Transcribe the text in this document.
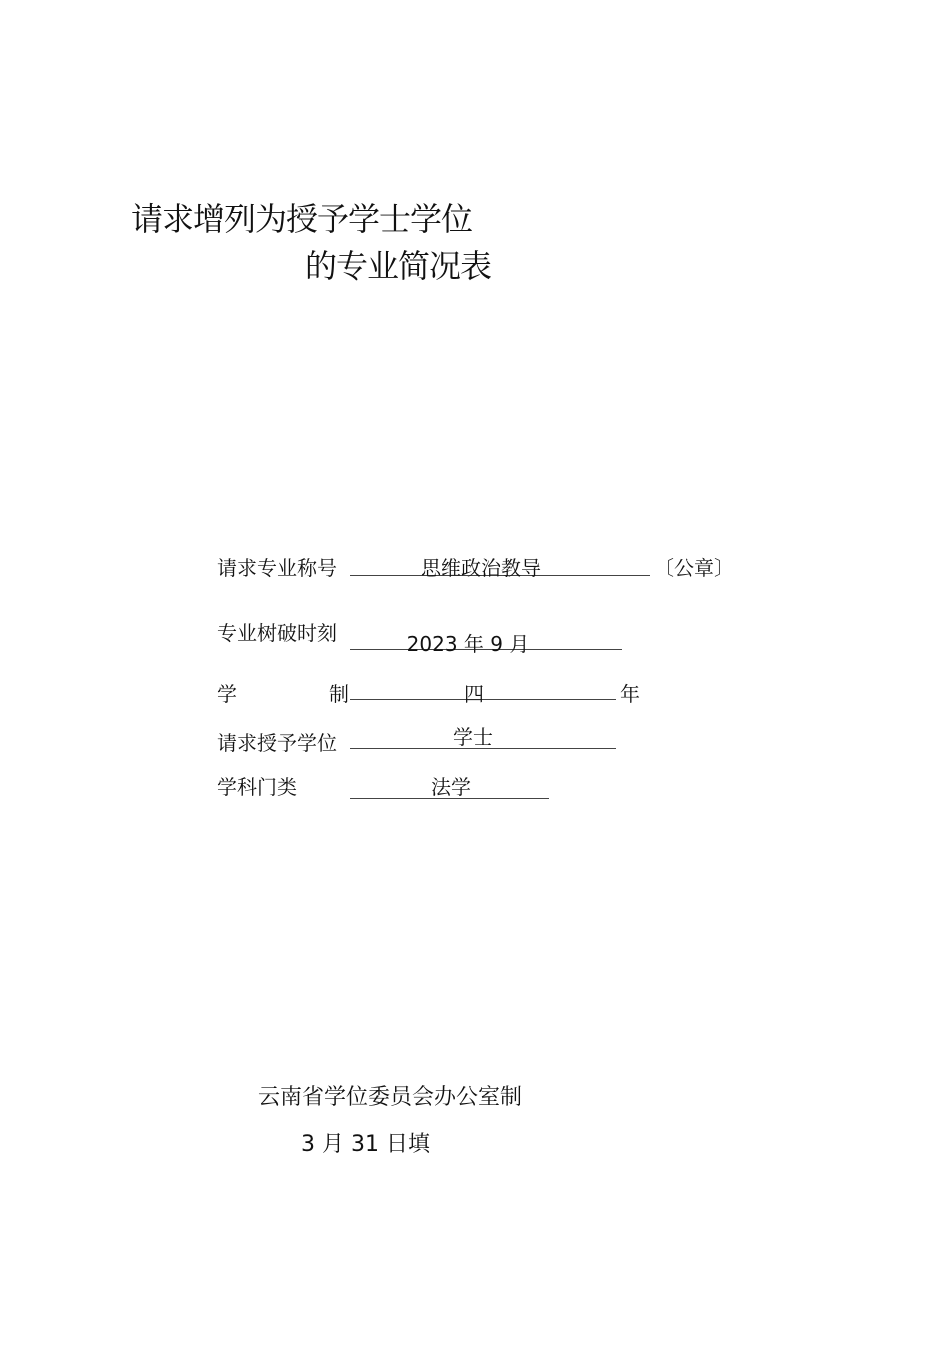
请求增列为授予学士学位
的专业简况表
请求专业称号	思维政治教导	〔公章〕
专业树破时刻	2023 年 9 月
学	制	四	年
请求授予学位	学士
学科门类	法学
云南省学位委员会办公室制
3 月 31 日填
